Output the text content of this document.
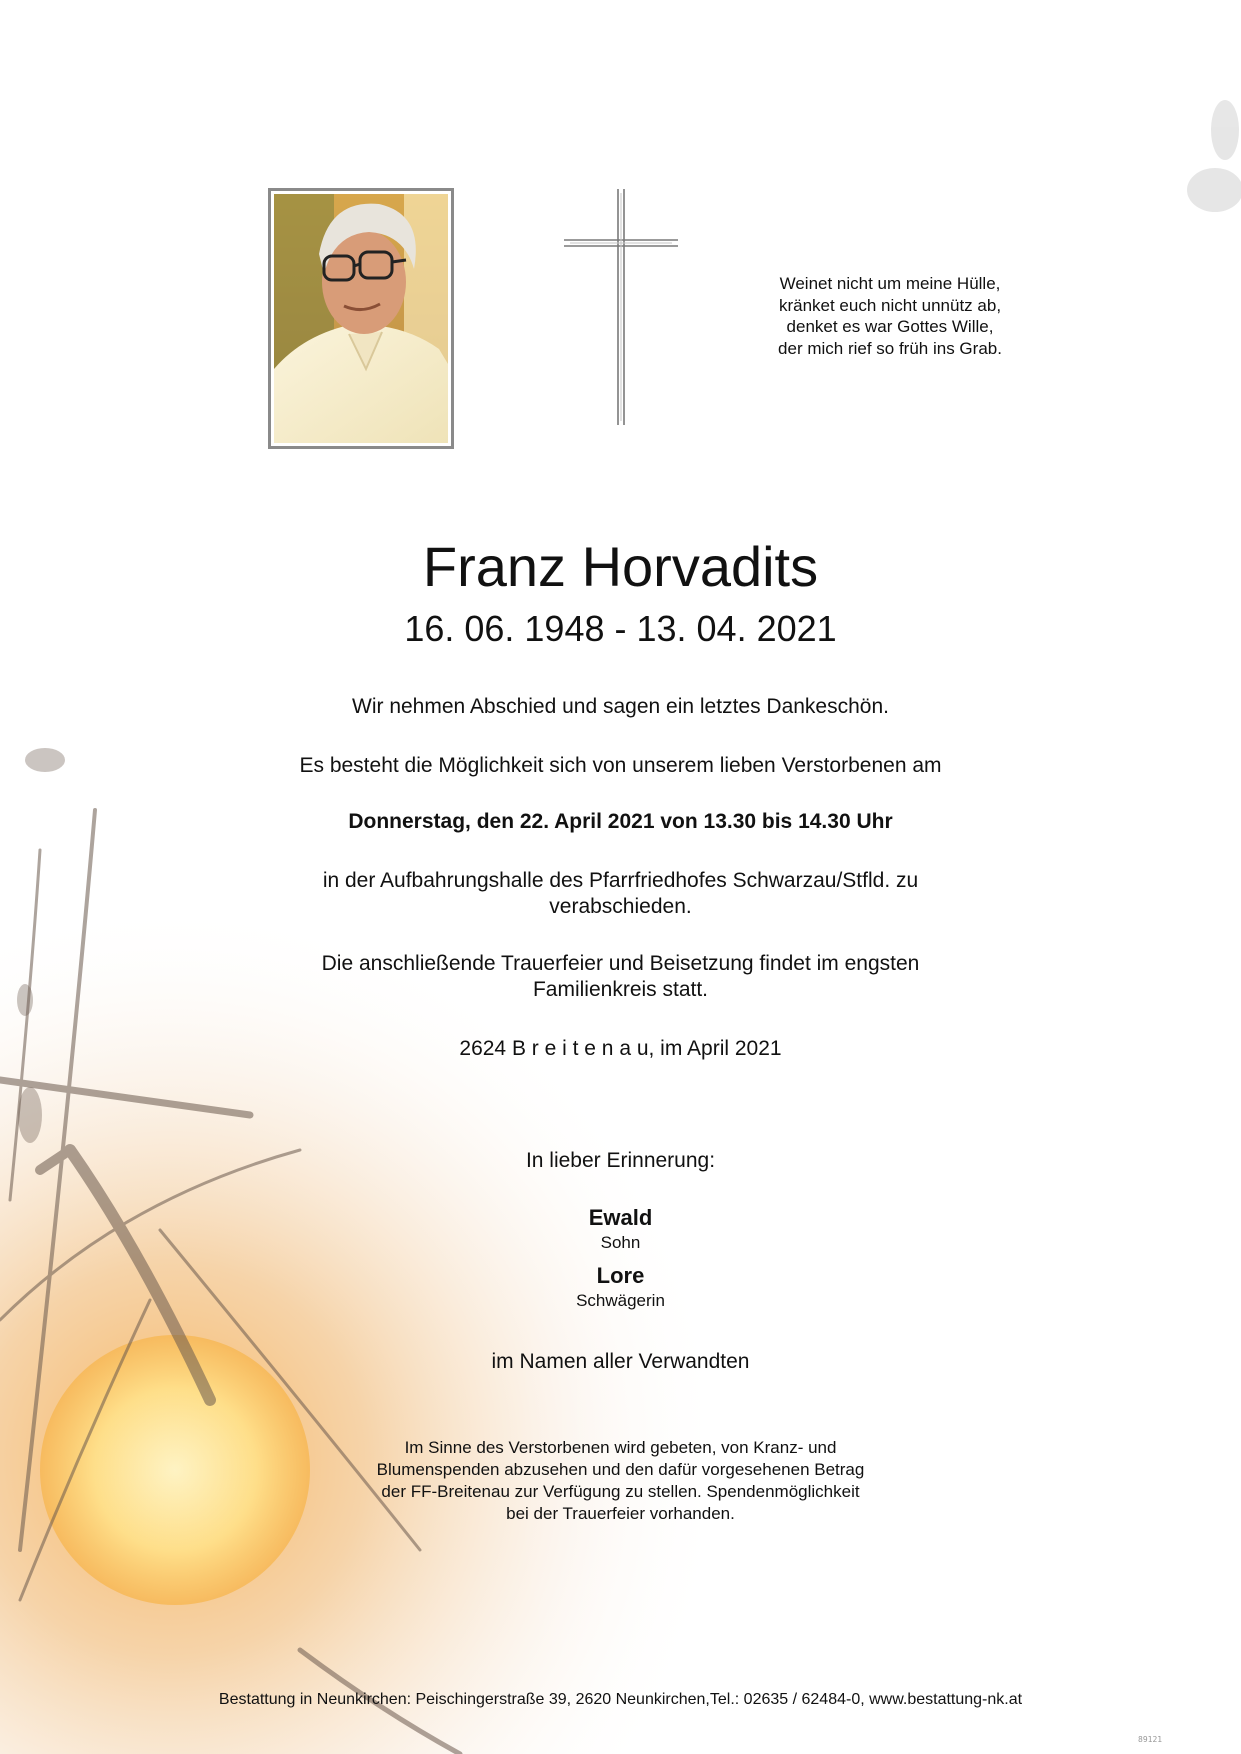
Weinet nicht um meine Hülle,
kränket euch nicht unnütz ab,
denket es war Gottes Wille,
der mich rief so früh ins Grab.
Franz Horvadits
16. 06. 1948 - 13. 04. 2021
Wir nehmen Abschied und sagen ein letztes Dankeschön.
Es besteht die Möglichkeit sich von unserem lieben Verstorbenen am
Donnerstag, den 22. April 2021 von 13.30 bis 14.30 Uhr
in der Aufbahrungshalle des Pfarrfriedhofes Schwarzau/Stfld. zu
verabschieden.
Die anschließende Trauerfeier und Beisetzung findet im engsten
Familienkreis statt.
2624 B r e i t e n a u, im April 2021
In lieber Erinnerung:
Ewald
Sohn
Lore
Schwägerin
im Namen aller Verwandten
Im Sinne des Verstorbenen wird gebeten, von Kranz- und
Blumenspenden abzusehen und den dafür vorgesehenen Betrag
der FF-Breitenau zur Verfügung zu stellen. Spendenmöglichkeit
bei der Trauerfeier vorhanden.
Bestattung in Neunkirchen: Peischingerstraße 39, 2620 Neunkirchen,Tel.: 02635 / 62484-0, www.bestattung-nk.at
89121
